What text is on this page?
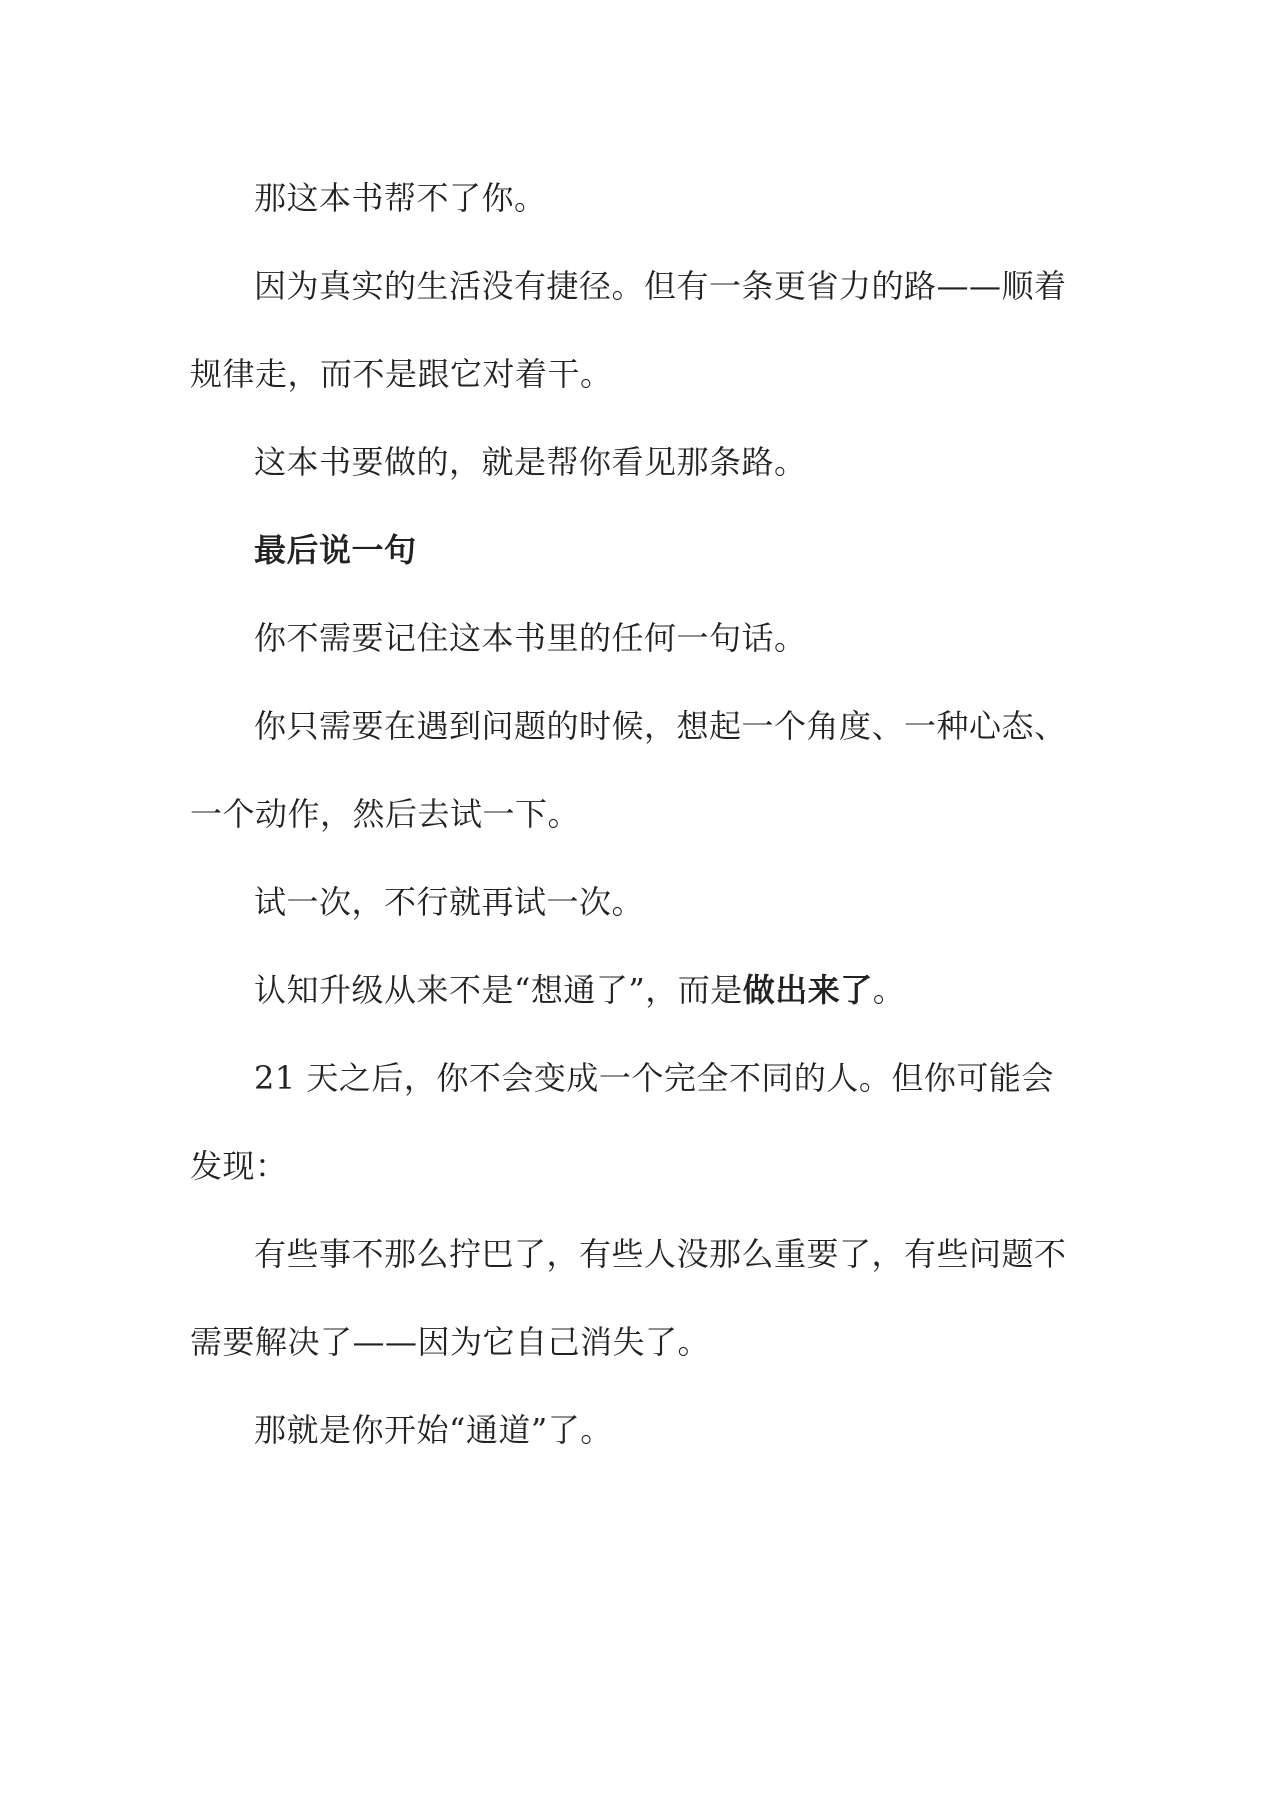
那这本书帮不了你。

因为真实的生活没有捷径。但有一条更省力的路——顺着规律走，而不是跟它对着干。

这本书要做的，就是帮你看见那条路。

最后说一句

你不需要记住这本书里的任何一句话。

你只需要在遇到问题的时候，想起一个角度、一种心态、一个动作，然后去试一下。

试一次，不行就再试一次。

认知升级从来不是“想通了”，而是做出来了。

21 天之后，你不会变成一个完全不同的人。但你可能会发现：

有些事不那么拧巴了，有些人没那么重要了，有些问题不需要解决了——因为它自己消失了。

那就是你开始“通道”了。
